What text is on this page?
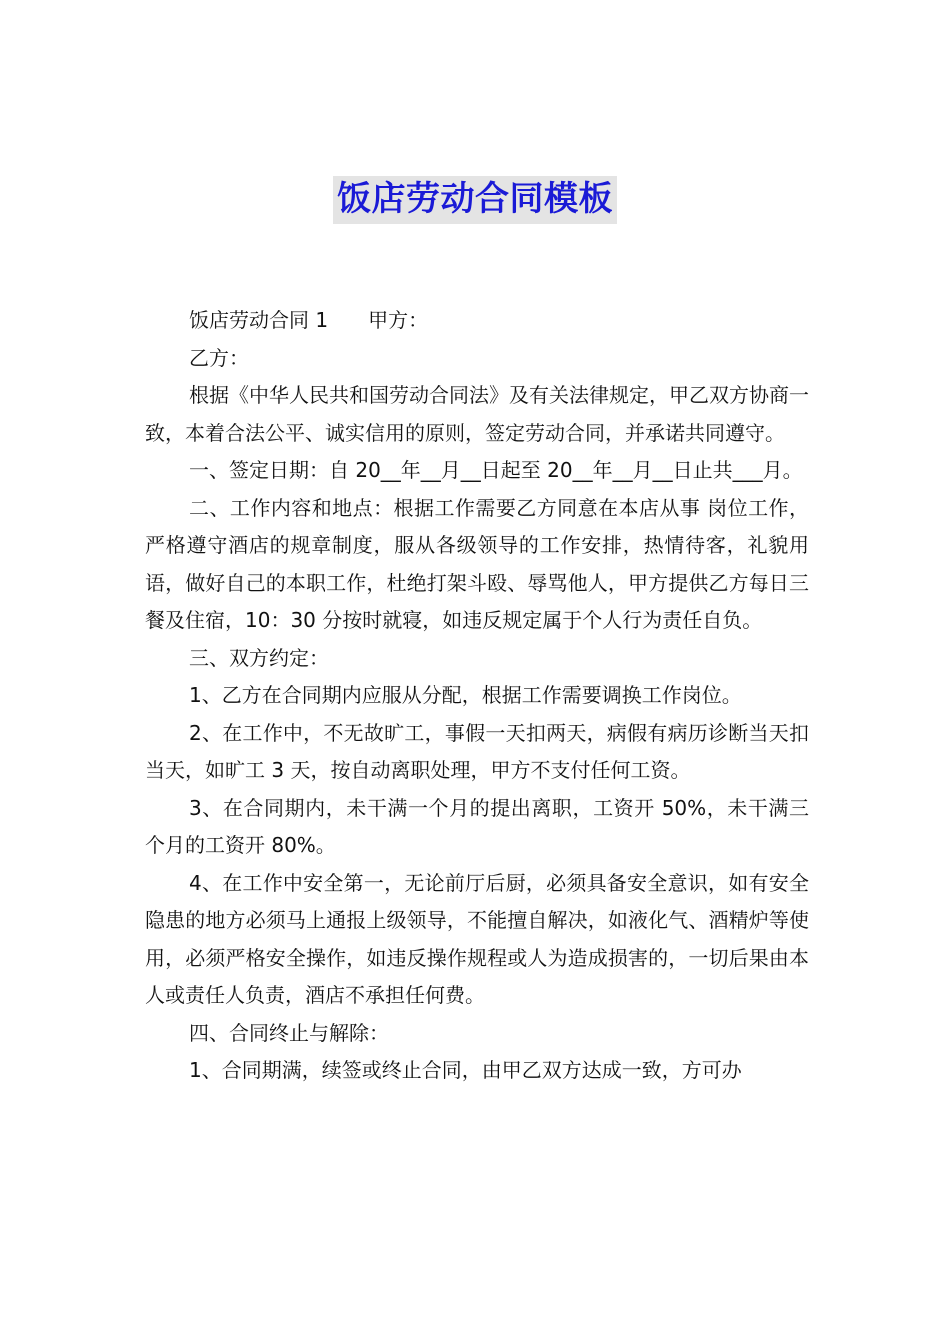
饭店劳动合同模板

饭店劳动合同 1 甲方：

乙方：

根据《中华人民共和国劳动合同法》及有关法律规定，甲乙双方协商一致，本着合法公平、诚实信用的原则，签定劳动合同，并承诺共同遵守。

一、签定日期：自 20__年__月__日起至 20__年__月__日止共___月。

二、工作内容和地点：根据工作需要乙方同意在本店从事 岗位工作，严格遵守酒店的规章制度，服从各级领导的工作安排，热情待客，礼貌用语，做好自己的本职工作，杜绝打架斗殴、辱骂他人，甲方提供乙方每日三餐及住宿，10：30 分按时就寝，如违反规定属于个人行为责任自负。

三、双方约定：

1、乙方在合同期内应服从分配，根据工作需要调换工作岗位。

2、在工作中，不无故旷工，事假一天扣两天，病假有病历诊断当天扣当天，如旷工 3 天，按自动离职处理，甲方不支付任何工资。

3、在合同期内，未干满一个月的提出离职，工资开 50%，未干满三个月的工资开 80%。

4、在工作中安全第一，无论前厅后厨，必须具备安全意识，如有安全隐患的地方必须马上通报上级领导，不能擅自解决，如液化气、酒精炉等使用，必须严格安全操作，如违反操作规程或人为造成损害的，一切后果由本人或责任人负责，酒店不承担任何费。

四、合同终止与解除：

1、合同期满，续签或终止合同，由甲乙双方达成一致，方可办
